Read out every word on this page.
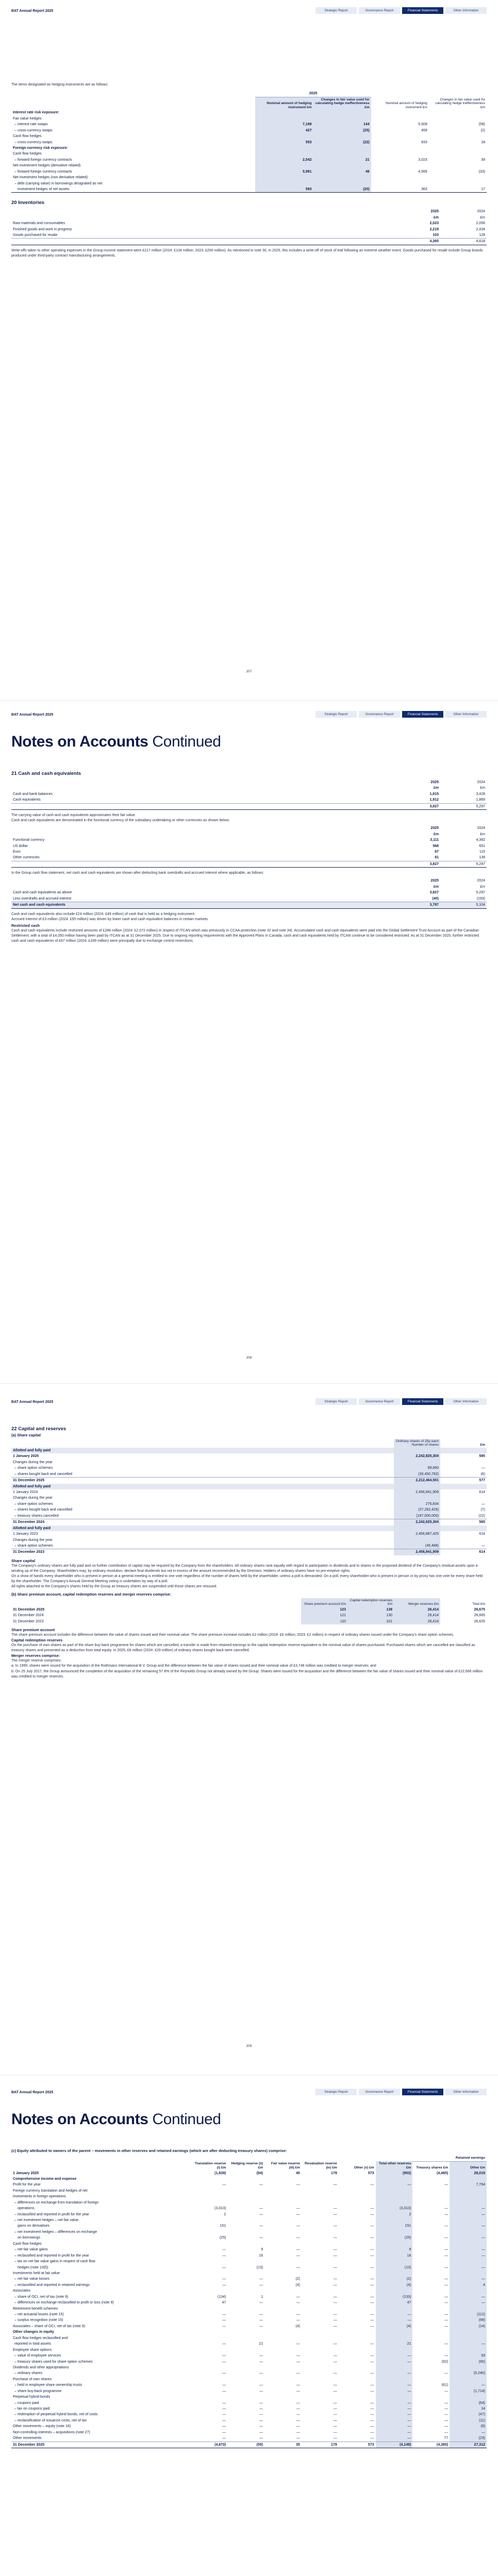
BAT Annual Report 2025	Strategic Report	Governance Report	Financial Statements	Other Information
The items designated as hedging instruments are as follows:
	2025			
	Nominal amount of hedging instrument £m	Changes in fair value used for calculating hedge ineffectiveness £m	Nominal amount of hedging instrument £m	Changes in fair value used for calculating hedge ineffectiveness £m
Interest rate risk exposure:				
Fair value hedges				
– interest rate swaps	7,198	144	6,509	(58)
– cross-currency swaps	427	(25)	459	(2)
Cash flow hedges				
– cross-currency swaps	553	(22)	833	18
Foreign currency risk exposure:				
Cash flow hedges				
– forward foreign currency contracts	2,542	21	3,023	39
Net investment hedges (derivative related)				
– forward foreign currency contracts	5,981	48	4,569	(33)
Net investment hedges (non derivative related)				
– debt (carrying value) in borrowings designated as net				
investment hedges of net assets	593	(20)	363	17
20 Inventories
	2025	2024
	£m	£m
Raw materials and consumables	2,023	2,056
Finished goods and work in progress	2,219	2,434
Goods purchased for resale	103	128
	4,365	4,618
Write-offs taken to other operating expenses in the Group income statement were £217 million (2024: £134 million; 2023: £250 million). As mentioned in note 30, in 2025, this includes a write-off of stock of leaf following an extreme weather event. Goods purchased for resale include Group brands produced under third-party contract manufacturing arrangements.
207
BAT Annual Report 2025	Strategic Report	Governance Report	Financial Statements	Other Information
Notes on Accounts Continued
21 Cash and cash equivalents
	2025	2024
	£m	£m
Cash and bank balances	1,915	3,428
Cash equivalents	1,912	1,869
	3,827	5,297
The carrying value of cash and cash equivalents approximates their fair value.
Cash and cash equivalents are denominated in the functional currency of the subsidiary undertaking or other currencies as shown below:
	2025	2024
	£m	£m
Functional currency	3,111	4,382
US dollar	568	651
Euro	67	115
Other currencies	81	139
	3,827	5,297
In the Group cash flow statement, net cash and cash equivalents are shown after deducting bank overdrafts and accrued interest where applicable, as follows:
	2025	2024
	£m	£m
Cash and cash equivalents as above	3,827	5,297
Less overdrafts and accrued interest	(40)	(193)
Net cash and cash equivalents	3,787	5,104
Cash and cash equivalents also include £24 million (2024: £49 million) of cash that is held as a hedging instrument.
Accrued interest of £3 million (2024: £55 million) was driven by lower cash and cash equivalent balances in certain markets.
Restricted cash
Cash and cash equivalents include restricted amounts of £288 million (2024: £2,072 million) in respect of ITCAN which was previously in CCAA protection (note 32 and note 34). Accumulated cash and cash equivalents were paid into the Global Settlement Trust Account as part of the Canadian Settlement, with a total of £4,050 million having been paid by ITCAN as at 31 December 2025. Due to ongoing reporting requirements with the Approved Plans in Canada, cash and cash equivalents held by ITCAN continue to be considered restricted. As at 31 December 2025, further restricted cash and cash equivalents of £67 million (2024: £339 million) were principally due to exchange control restrictions.
208
BAT Annual Report 2025	Strategic Report	Governance Report	Financial Statements	Other Information
22 Capital and reserves
(a) Share capital
	Ordinary shares of 25p each Number of shares	£m
Allotted and fully paid		
1 January 2025	2,242,825,304	585
Changes during the year		
– share option schemes	89,860	—
– shares bought back and cancelled	(30,450,782)	(8)
31 December 2025	2,212,464,501	577
Allotted and fully paid		
1 January 2024	2,456,841,909	614
Changes during the year		
– share option schemes	275,834	—
– shares bought back and cancelled	(27,292,429)	(7)
– treasury shares cancelled	(187,000,000)	(22)
31 December 2024	2,242,825,304	585
Allotted and fully paid		
1 January 2023	2,456,887,425	614
Changes during the year		
– share option schemes	(45,488)	—
31 December 2023	2,456,841,909	614
Share capital
The Company's ordinary shares are fully paid and no further contribution of capital may be required by the Company from the shareholders. All ordinary shares rank equally with regard to participation in dividends and to shares in the proposed dividend of the Company's residual assets upon a winding up of the Company. Shareholders may, by ordinary resolution, declare final dividends but not in excess of the amount recommended by the Directors. Holders of ordinary shares have no pre-emptive rights.
On a show of hands every shareholder who is present in person at a general meeting is entitled to one vote regardless of the number of shares held by the shareholder, unless a poll is demanded. On a poll, every shareholder who is present in person or by proxy has one vote for every share held by the shareholder. The Company's Annual General Meeting voting is undertaken by way of a poll.
All rights attached to the Company's shares held by the Group as treasury shares are suspended until those shares are reissued.
(b) Share premium account, capital redemption reserves and merger reserves comprise:
	Share premium account £m	Capital redemption reserves £m	Merger reserves £m	Total £m
31 December 2025	123	138	26,414	26,675
31 December 2024	121	130	26,414	26,665
31 December 2023	110	101	26,414	26,625
Share premium account
The share premium account includes the difference between the value of shares issued and their nominal value. The share premium increase includes £2 million (2024: £6 million; 2023: £2 million) in respect of ordinary shares issued under the Company's share option schemes.
Capital redemption reserves
On the purchase of own shares as part of the share buy-back programme for shares which are cancelled, a transfer is made from retained earnings to the capital redemption reserve equivalent to the nominal value of shares purchased. Purchased shares which are cancelled are classified as treasury shares and presented as a deduction from total equity. In 2025, £8 million (2024: £29 million) of ordinary shares bought back were cancelled.
Merger reserves comprise:
The merger reserve comprises:
a. In 1999, shares were issued for the acquisition of the Rothmans International B.V. Group and the difference between the fair value of shares issued and their nominal value of £3,748 million was credited to merger reserves; and
b. On 25 July 2017, the Group announced the completion of the acquisition of the remaining 57.8% of the Reynolds Group not already owned by the Group. Shares were issued for the acquisition and the difference between the fair value of shares issued and their nominal value of £22,666 million was credited to merger reserves.
209
BAT Annual Report 2025	Strategic Report	Governance Report	Financial Statements	Other Information
Notes on Accounts Continued
(c) Equity attributed to owners of the parent – movements in other reserves and retained earnings (which are after deducting treasury shares) comprise:
							Retained earnings	
	Translation reserve (i) £m	Hedging reserve (ii) £m	Fair value reserve (iii) £m	Revaluation reserve (iv) £m	Other (v) £m	Total other reserves £m	Treasury shares £m	Other £m
1 January 2025	(1,839)	(84)	45	179	573	(953)	(4,485)	28,019
Comprehensive income and expense								
Profit for the year	—	—	—	—	—	—	—	7,764
Foreign currency translation and hedges of net								
investments in foreign operations								
– differences on exchange from translation of foreign								
operations	(3,313)	—	—	—	—	(3,313)	—	—
– reclassified and reported in profit for the year	2	—	—	—	—	2	—	—
– net investment hedges – net fair value								
gains on derivatives	151	—	—	—	—	151	—	—
– net investment hedges – differences on exchange								
on borrowings	(25)	—	—	—	—	(25)	—	—
Cash flow hedges								
– net fair value gains	—	9	—	—	—	9	—	—
– reclassified and reported in profit for the year	—	16	—	—	—	16	—	—
– tax on net fair value gains in respect of cash flow								
hedges (note 10(f))	—	(13)	—	—	—	(13)	—	—
Investments held at fair value								
– net fair value losses	—	—	(2)	—	—	(2)	—	—
– reclassified and reported in retained earnings	—	—	(4)	—	—	(4)	—	4
Associates								
– share of OCI, net of tax (note 9)	(134)	1	—	—	—	(133)	—	—
– differences on exchange reclassified to profit or loss (note 9)	47	—	—	—	—	47	—	—
Retirement benefit schemes								
– net actuarial losses (note 15)	—	—	—	—	—	—	—	(112)
– surplus recognition (note 15)	—	—	—	—	—	—	—	(99)
Associates – share of OCI, net of tax (note 9)	—	—	(4)	—	—	(4)	—	(14)
Other changes in equity								
Cash flow hedges reclassified and								
reported in total assets	—	21	—	—	—	21	—	—
Employee share options								
– value of employee services	—	—	—	—	—	—	—	93
– treasury shares used for share option schemes	—	—	—	—	—	—	(92)	(90)
Dividends and other appropriations								
– ordinary shares	—	—	—	—	—	—	—	(5,240)
Purchase of own shares								
– held in employee share ownership trusts	—	—	—	—	—	—	(61)	—
– share buy-back programme	—	—	—	—	—	—	—	(1,714)
Perpetual hybrid bonds								
– coupons paid	—	—	—	—	—	—	—	(64)
– tax on coupons paid	—	—	—	—	—	—	—	14
– redemption of perpetual hybrid bonds, net of costs	—	—	—	—	—	—	—	(47)
– reclassification of issuance costs, net of tax	—	—	—	—	—	—	—	(11)
Other movements – equity (note 18)	—	—	—	—	—	—	—	(9)
Non-controlling interests – acquisitions (note 27)	—	—	—	—	—	—	—	—
Other movements	—	—	—	—	—	—	77	(23)
31 December 2025	(4,870)	(55)	35	179	573	(4,148)	(4,385)	27,312
